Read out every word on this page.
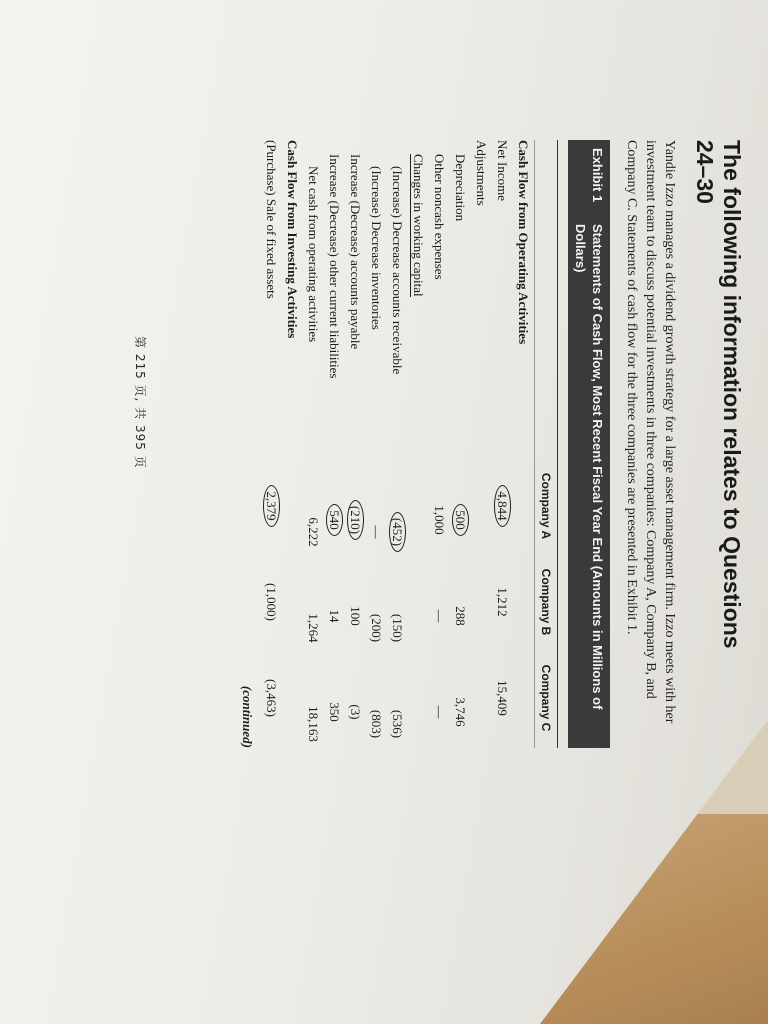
The following information relates to Questions
24–30
Yandie Izzo manages a dividend growth strategy for a large asset management firm. Izzo meets with her investment team to discuss potential investments in three companies: Company A, Company B, and Company C. Statements of cash flow for the three companies are presented in Exhibit 1.
Exhibit 1
Statements of Cash Flow, Most Recent Fiscal Year End (Amounts in Millions of Dollars)
Company A
Company B
Company C
Cash Flow from Operating Activities
Net Income
4,844
1,212
15,409
Adjustments
Depreciation
500
288
3,746
Other noncash expenses
1,000
—
—
Changes in working capital
(Increase) Decrease accounts receivable
(452)
(150)
(536)
(Increase) Decrease inventories
—
(200)
(803)
Increase (Decrease) accounts payable
(210)
100
(3)
Increase (Decrease) other current liabilities
540
14
350
Net cash from operating activities
6,222
1,264
18,163
Cash Flow from Investing Activities
(Purchase) Sale of fixed assets
2,379
(1,000)
(3,463)
(continued)
第 215 页, 共 395 页
